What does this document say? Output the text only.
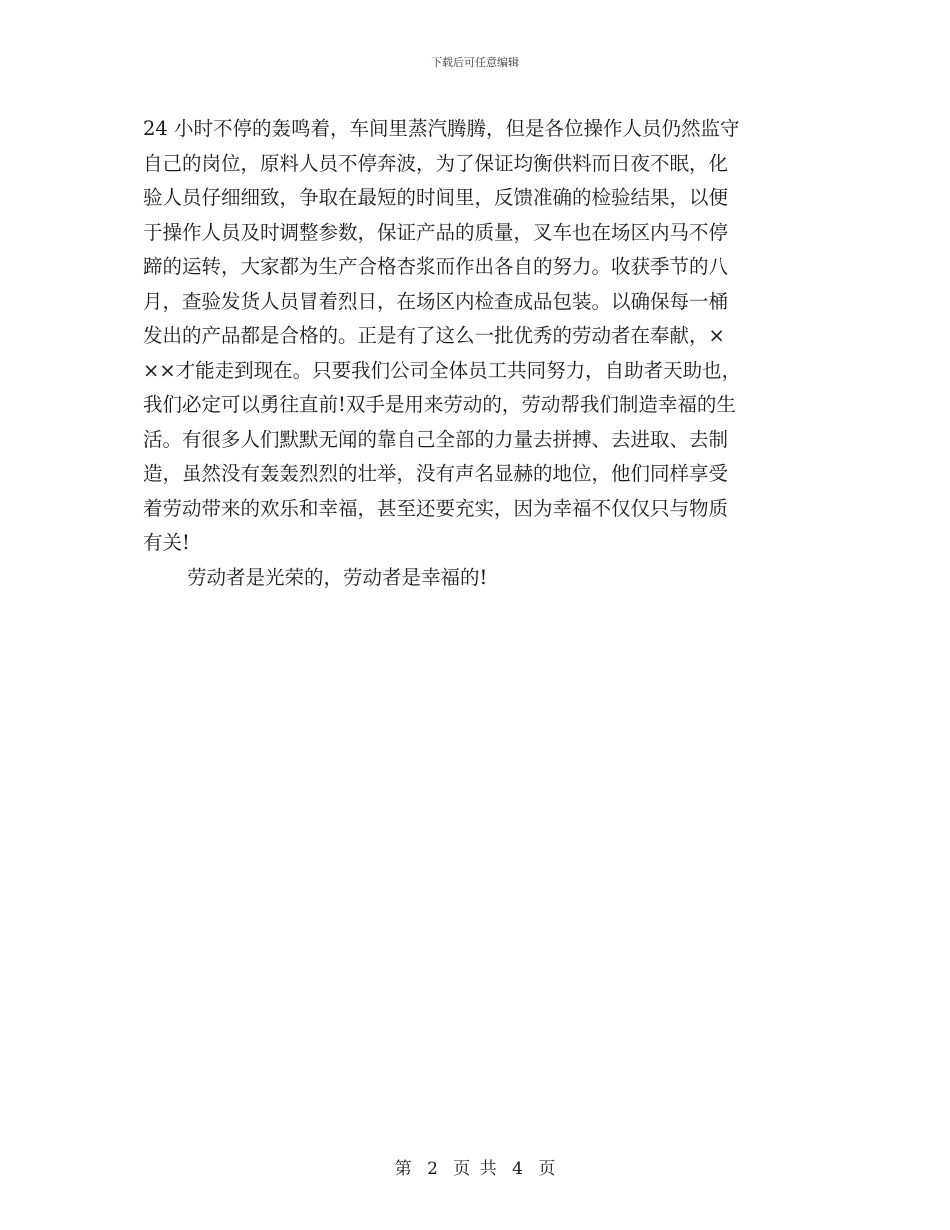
下载后可任意编辑
24 小时不停的轰鸣着，车间里蒸汽腾腾，但是各位操作人员仍然监守
自己的岗位，原料人员不停奔波，为了保证均衡供料而日夜不眠，化
验人员仔细细致，争取在最短的时间里，反馈准确的检验结果，以便
于操作人员及时调整参数，保证产品的质量，叉车也在场区内马不停
蹄的运转，大家都为生产合格杏浆而作出各自的努力。收获季节的八
月，查验发货人员冒着烈日，在场区内检查成品包装。以确保每一桶
发出的产品都是合格的。正是有了这么一批优秀的劳动者在奉献，×
××才能走到现在。只要我们公司全体员工共同努力，自助者天助也，
我们必定可以勇往直前!双手是用来劳动的，劳动帮我们制造幸福的生
活。有很多人们默默无闻的靠自己全部的力量去拼搏、去进取、去制
造，虽然没有轰轰烈烈的壮举，没有声名显赫的地位，他们同样享受
着劳动带来的欢乐和幸福，甚至还要充实，因为幸福不仅仅只与物质
有关!
劳动者是光荣的，劳动者是幸福的!
第 2 页 共 4 页
